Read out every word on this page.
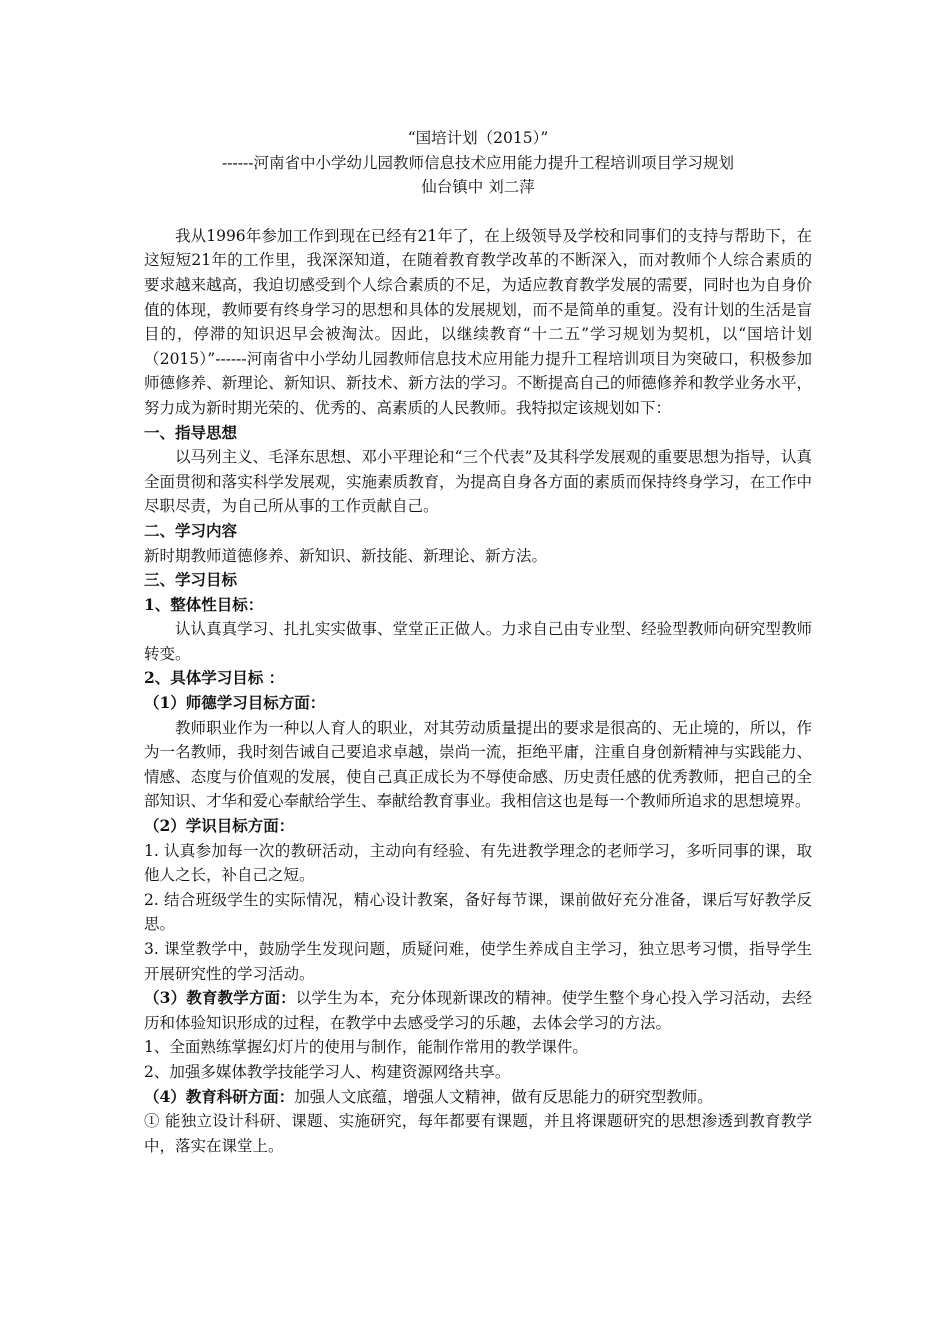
“国培计划（2015）”
------河南省中小学幼儿园教师信息技术应用能力提升工程培训项目学习规划
仙台镇中 刘二萍

我从1996年参加工作到现在已经有21年了，在上级领导及学校和同事们的支持与帮助下，在这短短21年的工作里，我深深知道，在随着教育教学改革的不断深入，而对教师个人综合素质的要求越来越高，我迫切感受到个人综合素质的不足，为适应教育教学发展的需要，同时也为自身价值的体现，教师要有终身学习的思想和具体的发展规划，而不是简单的重复。没有计划的生活是盲目的，停滞的知识迟早会被淘汰。因此，以继续教育“十二五”学习规划为契机，以“国培计划（2015）”------河南省中小学幼儿园教师信息技术应用能力提升工程培训项目为突破口，积极参加师德修养、新理论、新知识、新技术、新方法的学习。不断提高自己的师德修养和教学业务水平，努力成为新时期光荣的、优秀的、高素质的人民教师。我特拟定该规划如下：

一、指导思想

以马列主义、毛泽东思想、邓小平理论和“三个代表”及其科学发展观的重要思想为指导，认真全面贯彻和落实科学发展观，实施素质教育，为提高自身各方面的素质而保持终身学习，在工作中尽职尽责，为自己所从事的工作贡献自己。

二、学习内容

新时期教师道德修养、新知识、新技能、新理论、新方法。

三、学习目标

1、整体性目标：

认认真真学习、扎扎实实做事、堂堂正正做人。力求自己由专业型、经验型教师向研究型教师转变。

2、具体学习目标 ：

（1）师德学习目标方面：

教师职业作为一种以人育人的职业，对其劳动质量提出的要求是很高的、无止境的，所以，作为一名教师，我时刻告诫自己要追求卓越，崇尚一流，拒绝平庸，注重自身创新精神与实践能力、情感、态度与价值观的发展，使自己真正成长为不辱使命感、历史责任感的优秀教师，把自己的全部知识、才华和爱心奉献给学生、奉献给教育事业。我相信这也是每一个教师所追求的思想境界。

（2）学识目标方面：

1. 认真参加每一次的教研活动，主动向有经验、有先进教学理念的老师学习，多听同事的课，取他人之长，补自己之短。

2. 结合班级学生的实际情况，精心设计教案，备好每节课，课前做好充分准备，课后写好教学反思。

3. 课堂教学中，鼓励学生发现问题，质疑问难，使学生养成自主学习，独立思考习惯，指导学生开展研究性的学习活动。

（3）教育教学方面：以学生为本，充分体现新课改的精神。使学生整个身心投入学习活动，去经历和体验知识形成的过程，在教学中去感受学习的乐趣，去体会学习的方法。

1、全面熟练掌握幻灯片的使用与制作，能制作常用的教学课件。

2、加强多媒体教学技能学习人、构建资源网络共享。

（4）教育科研方面：加强人文底蕴，增强人文精神，做有反思能力的研究型教师。

① 能独立设计科研、课题、实施研究，每年都要有课题，并且将课题研究的思想渗透到教育教学中，落实在课堂上。
